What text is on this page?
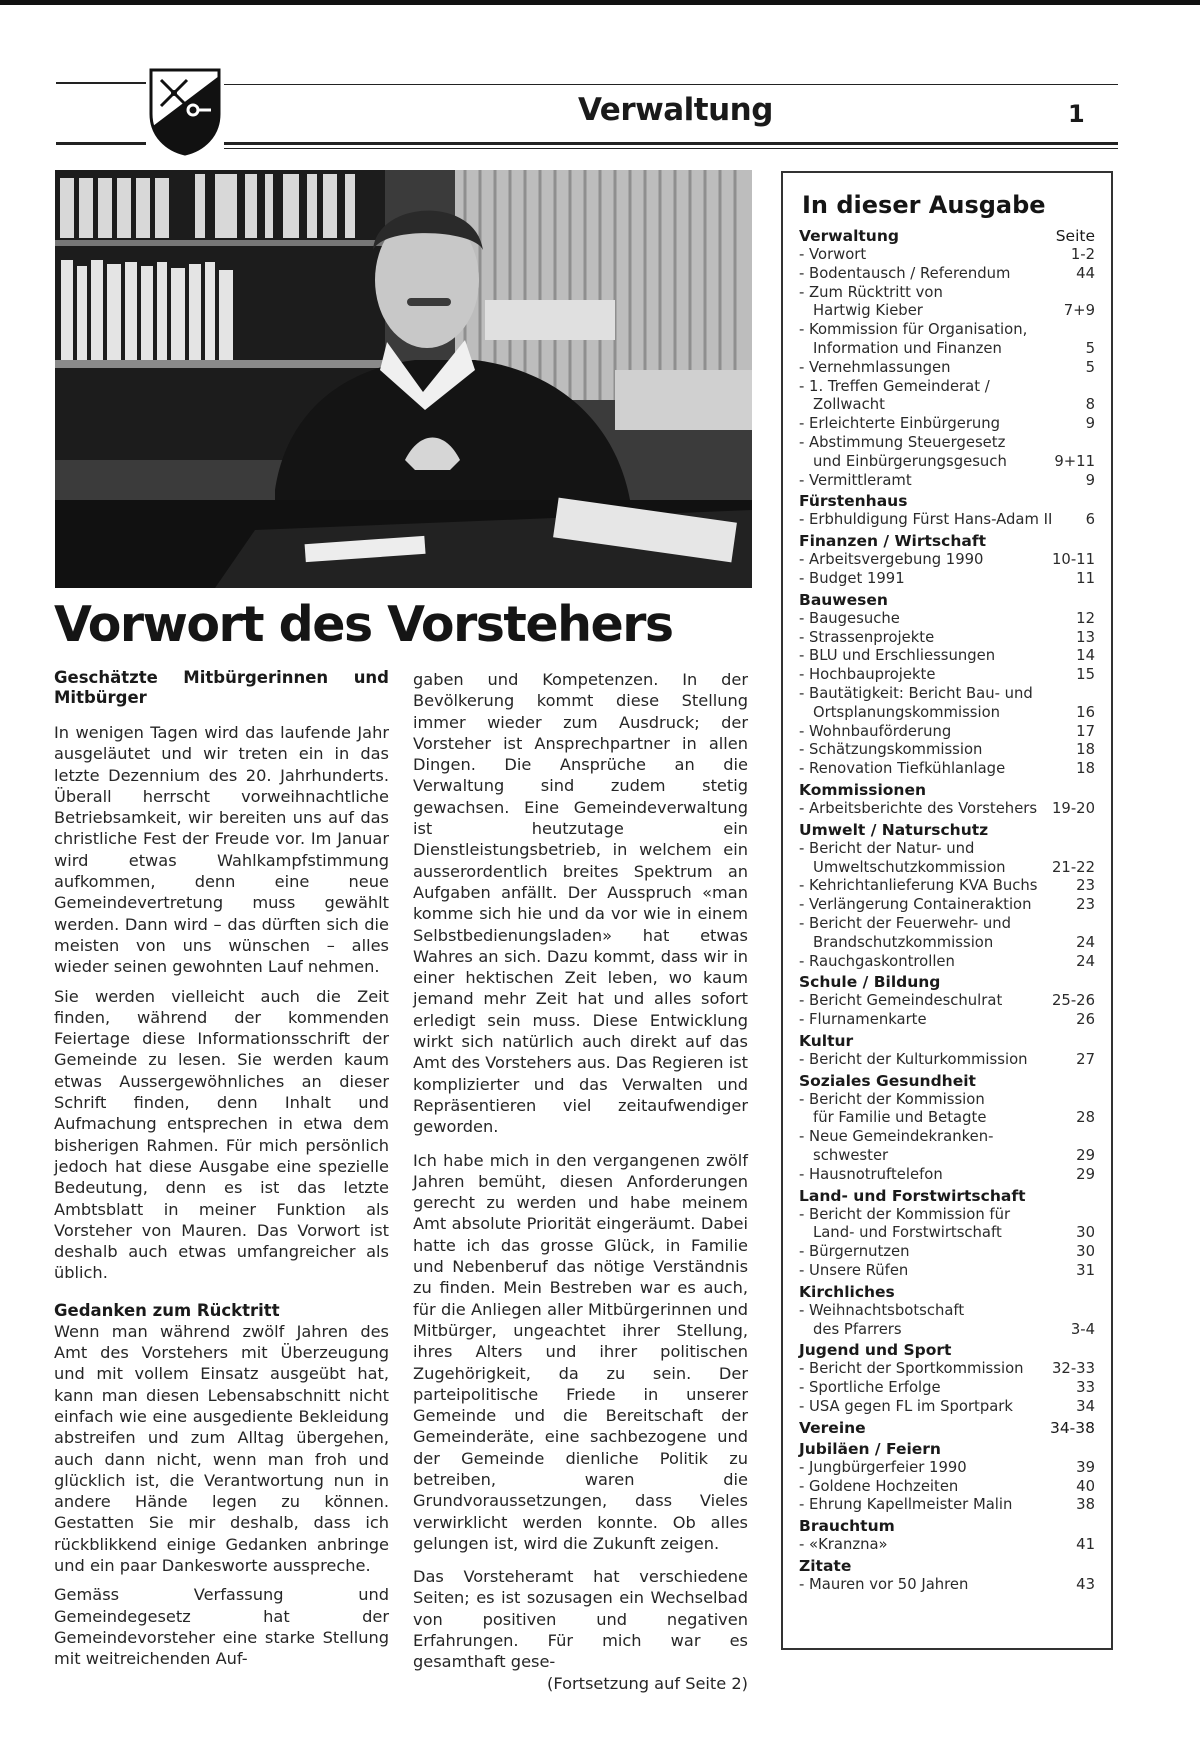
Verwaltung	1
Vorwort des Vorstehers
Geschätzte Mitbürgerinnen und Mitbürger

In wenigen Tagen wird das laufende Jahr ausgeläutet und wir treten ein in das letzte Dezennium des 20. Jahrhunderts. Überall herrscht vorweihnachtliche Betriebsamkeit, wir bereiten uns auf das christliche Fest der Freude vor. Im Januar wird etwas Wahlkampfstimmung aufkommen, denn eine neue Gemeindevertretung muss gewählt werden. Dann wird – das dürften sich die meisten von uns wünschen – alles wieder seinen gewohnten Lauf nehmen.

Sie werden vielleicht auch die Zeit finden, während der kommenden Feiertage diese Informationsschrift der Gemeinde zu lesen. Sie werden kaum etwas Aussergewöhnliches an dieser Schrift finden, denn Inhalt und Aufmachung entsprechen in etwa dem bisherigen Rahmen. Für mich persönlich jedoch hat diese Ausgabe eine spezielle Bedeutung, denn es ist das letzte Ambtsblatt in meiner Funktion als Vorsteher von Mauren. Das Vorwort ist deshalb auch etwas umfangreicher als üblich.

Gedanken zum Rücktritt

Wenn man während zwölf Jahren des Amt des Vorstehers mit Überzeugung und mit vollem Einsatz ausgeübt hat, kann man diesen Lebensabschnitt nicht einfach wie eine ausgediente Bekleidung abstreifen und zum Alltag übergehen, auch dann nicht, wenn man froh und glücklich ist, die Verantwortung nun in andere Hände legen zu können. Gestatten Sie mir deshalb, dass ich rückblikkend einige Gedanken anbringe und ein paar Dankesworte ausspreche.

Gemäss Verfassung und Gemeindegesetz hat der Gemeindevorsteher eine starke Stellung mit weitreichenden Auf-

gaben und Kompetenzen. In der Bevölkerung kommt diese Stellung immer wieder zum Ausdruck; der Vorsteher ist Ansprechpartner in allen Dingen. Die Ansprüche an die Verwaltung sind zudem stetig gewachsen. Eine Gemeindeverwaltung ist heutzutage ein Dienstleistungsbetrieb, in welchem ein ausserordentlich breites Spektrum an Aufgaben anfällt. Der Ausspruch «man komme sich hie und da vor wie in einem Selbstbedienungsladen» hat etwas Wahres an sich. Dazu kommt, dass wir in einer hektischen Zeit leben, wo kaum jemand mehr Zeit hat und alles sofort erledigt sein muss. Diese Entwicklung wirkt sich natürlich auch direkt auf das Amt des Vorstehers aus. Das Regieren ist komplizierter und das Verwalten und Repräsentieren viel zeitaufwendiger geworden.

Ich habe mich in den vergangenen zwölf Jahren bemüht, diesen Anforderungen gerecht zu werden und habe meinem Amt absolute Priorität eingeräumt. Dabei hatte ich das grosse Glück, in Familie und Nebenberuf das nötige Verständnis zu finden. Mein Bestreben war es auch, für die Anliegen aller Mitbürgerinnen und Mitbürger, ungeachtet ihrer Stellung, ihres Alters und ihrer politischen Zugehörigkeit, da zu sein. Der parteipolitische Friede in unserer Gemeinde und die Bereitschaft der Gemeinderäte, eine sachbezogene und der Gemeinde dienliche Politik zu betreiben, waren die Grundvoraussetzungen, dass Vieles verwirklicht werden konnte. Ob alles gelungen ist, wird die Zukunft zeigen.

Das Vorsteheramt hat verschiedene Seiten; es ist sozusagen ein Wechselbad von positiven und negativen Erfahrungen. Für mich war es gesamthaft gese-

(Fortsetzung auf Seite 2)
In dieser Ausgabe
Verwaltung	Seite
- Vorwort	1-2
- Bodentausch / Referendum	44
- Zum Rücktritt von
Hartwig Kieber	7+9
- Kommission für Organisation,
Information und Finanzen	5
- Vernehmlassungen	5
- 1. Treffen Gemeinderat /
Zollwacht	8
- Erleichterte Einbürgerung	9
- Abstimmung Steuergesetz
und Einbürgerungsgesuch	9+11
- Vermittleramt	9
Fürstenhaus
- Erbhuldigung Fürst Hans-Adam II	6
Finanzen / Wirtschaft
- Arbeitsvergebung 1990	10-11
- Budget 1991	11
Bauwesen
- Baugesuche	12
- Strassenprojekte	13
- BLU und Erschliessungen	14
- Hochbauprojekte	15
- Bautätigkeit: Bericht Bau- und
Ortsplanungskommission	16
- Wohnbauförderung	17
- Schätzungskommission	18
- Renovation Tiefkühlanlage	18
Kommissionen
- Arbeitsberichte des Vorstehers	19-20
Umwelt / Naturschutz
- Bericht der Natur- und
Umweltschutzkommission	21-22
- Kehrichtanlieferung KVA Buchs	23
- Verlängerung Containeraktion	23
- Bericht der Feuerwehr- und
Brandschutzkommission	24
- Rauchgaskontrollen	24
Schule / Bildung
- Bericht Gemeindeschulrat	25-26
- Flurnamenkarte	26
Kultur
- Bericht der Kulturkommission	27
Soziales Gesundheit
- Bericht der Kommission
für Familie und Betagte	28
- Neue Gemeindekranken-
schwester	29
- Hausnotruftelefon	29
Land- und Forstwirtschaft
- Bericht der Kommission für
Land- und Forstwirtschaft	30
- Bürgernutzen	30
- Unsere Rüfen	31
Kirchliches
- Weihnachtsbotschaft
des Pfarrers	3-4
Jugend und Sport
- Bericht der Sportkommission	32-33
- Sportliche Erfolge	33
- USA gegen FL im Sportpark	34
Vereine	34-38
Jubiläen / Feiern
- Jungbürgerfeier 1990	39
- Goldene Hochzeiten	40
- Ehrung Kapellmeister Malin	38
Brauchtum
- «Kranzna»	41
Zitate
- Mauren vor 50 Jahren	43
